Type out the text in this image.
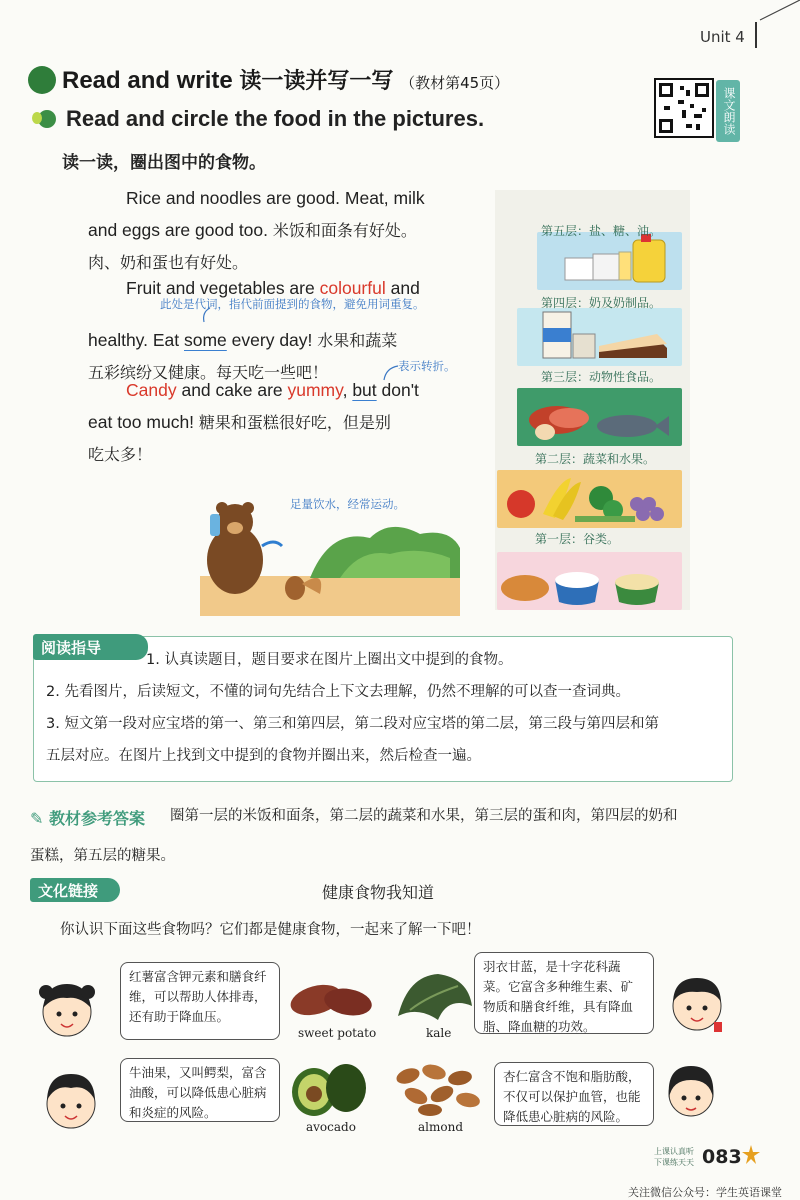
Unit 4
Read and write 读一读并写一写 （教材第45页）
课文朗读
Read and circle the food in the pictures.
读一读，圈出图中的食物。
Rice and noodles are good. Meat, milk
and eggs are good too. 米饭和面条有好处。
肉、奶和蛋也有好处。
Fruit and vegetables are colourful and
healthy. Eat some every day! 水果和蔬菜
五彩缤纷又健康。每天吃一些吧！
此处是代词，指代前面提到的食物，避免用词重复。
Candy and cake are yummy, but don't
eat too much! 糖果和蛋糕很好吃，但是别
吃太多！
表示转折。
第五层：盐、糖、油。
第四层：奶及奶制品。
第三层：动物性食品。
第二层：蔬菜和水果。
第一层：谷类。
足量饮水，经常运动。
阅读指导
1. 认真读题目，题目要求在图片上圈出文中提到的食物。
2. 先看图片，后读短文，不懂的词句先结合上下文去理解，仍然不理解的可以查一查词典。
3. 短文第一段对应宝塔的第一、第三和第四层，第二段对应宝塔的第二层，第三段与第四层和第
五层对应。在图片上找到文中提到的食物并圈出来，然后检查一遍。
✎ 教材参考答案 圈第一层的米饭和面条，第二层的蔬菜和水果，第三层的蛋和肉，第四层的奶和
蛋糕，第五层的糖果。
文化链接	健康食物我知道
你认识下面这些食物吗？它们都是健康食物，一起来了解一下吧！
红薯富含钾元素和膳食纤维，可以帮助人体排毒，还有助于降血压。
羽衣甘蓝，是十字花科蔬菜。它富含多种维生素、矿物质和膳食纤维，具有降血脂、降血糖的功效。
牛油果，又叫鳄梨，富含油酸，可以降低患心脏病和炎症的风险。
杏仁富含不饱和脂肪酸，不仅可以保护血管，也能降低患心脏病的风险。
sweet potato	kale
avocado	almond
上课认真听
下课练天天 083
关注微信公众号：学生英语课堂
